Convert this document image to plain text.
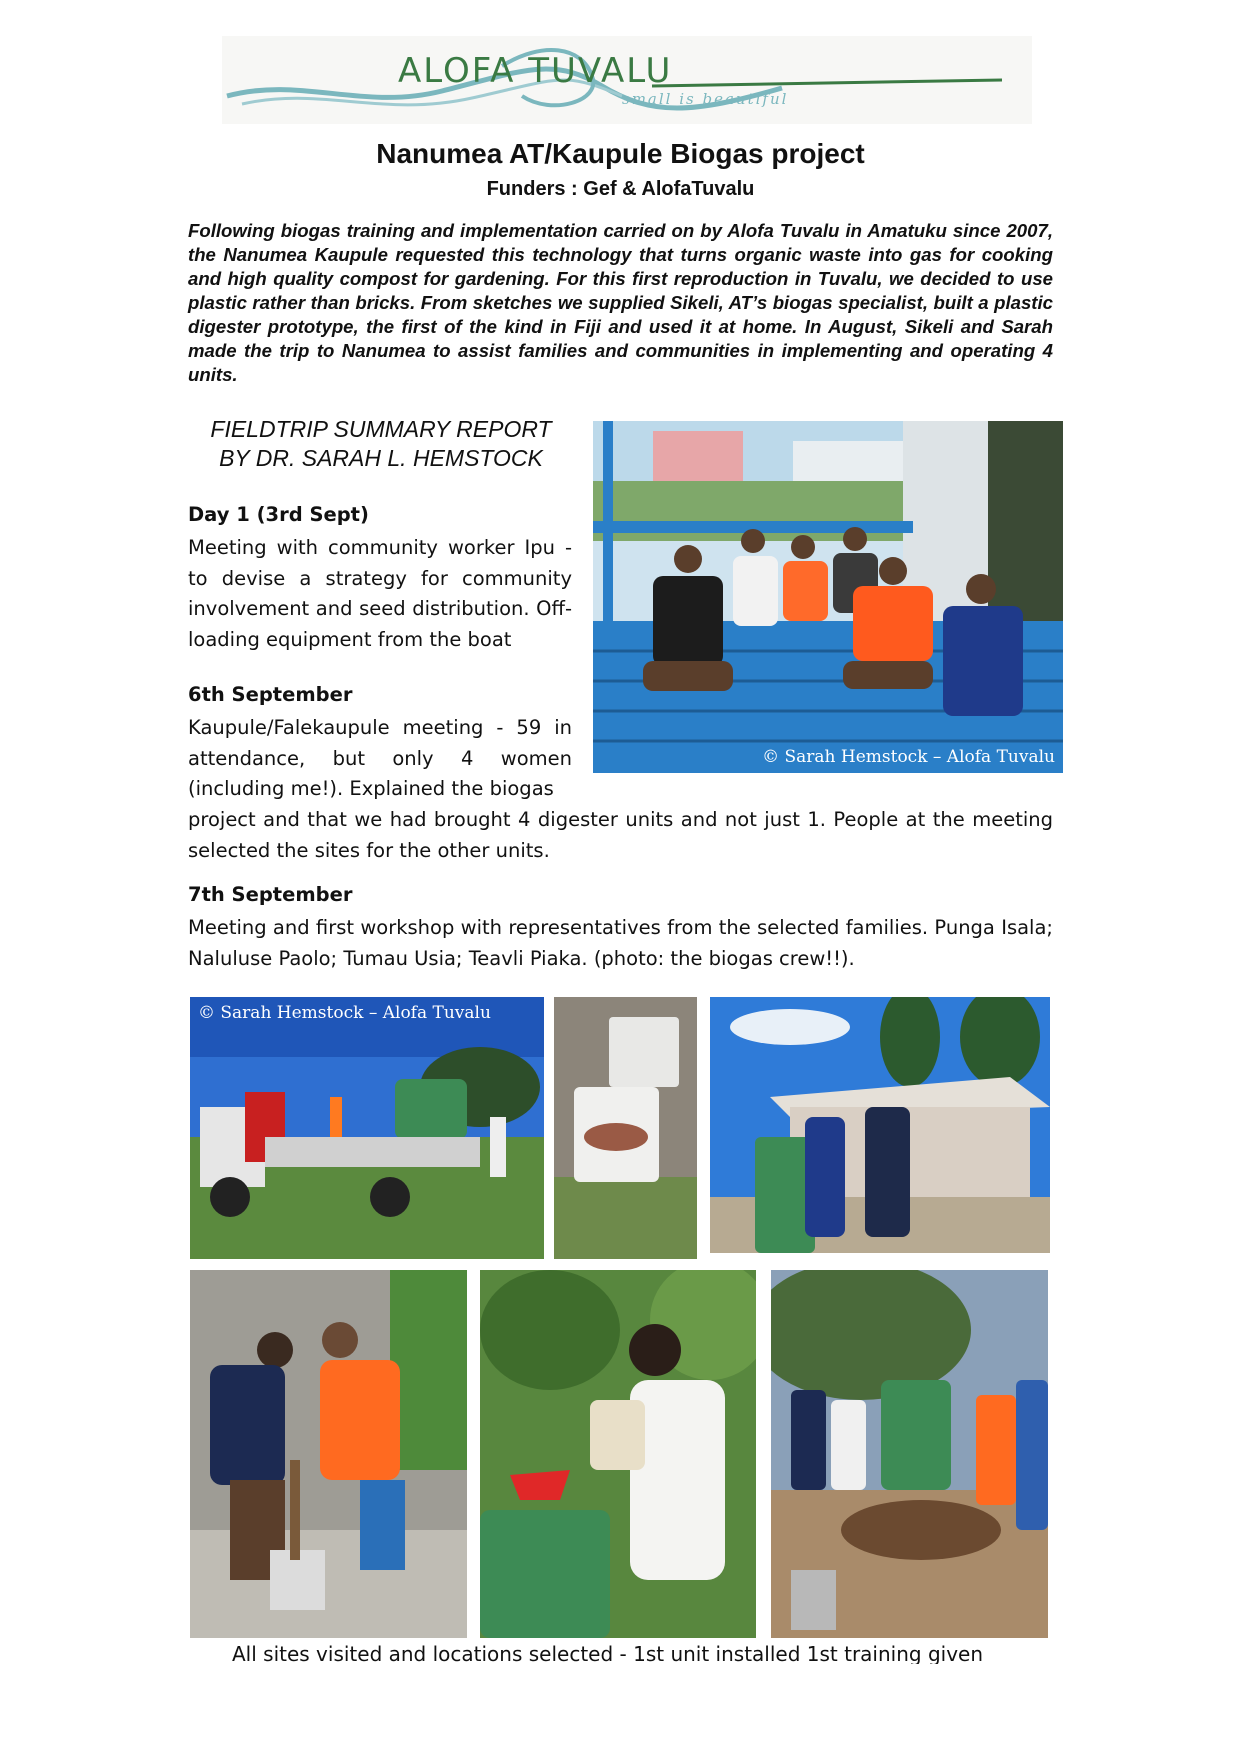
ALOFA TUVALU
small is beautiful
Nanumea AT/Kaupule Biogas project
Funders : Gef & AlofaTuvalu
Following biogas training and implementation carried on by Alofa Tuvalu in Amatuku since 2007, the Nanumea Kaupule requested this technology that turns organic waste into gas for cooking and high quality compost for gardening. For this first reproduction in Tuvalu, we decided to use plastic rather than bricks. From sketches we supplied Sikeli, AT’s biogas specialist, built a plastic digester prototype, the first of the kind in Fiji and used it at home. In August, Sikeli and Sarah made the trip to Nanumea to assist families and communities in implementing and operating 4 units.
FIELDTRIP SUMMARY REPORT
BY DR. SARAH L. HEMSTOCK
Day 1 (3rd Sept)
Meeting with community worker Ipu - to devise a strategy for community involvement and seed distribution. Off-loading equipment from the boat
6th September
Kaupule/Falekaupule meeting - 59 in attendance, but only 4 women (including me!). Explained the biogas
project and that we had brought 4 digester units and not just 1. People at the meeting selected the sites for the other units.
7th September
Meeting and first workshop with representatives from the selected families. Punga Isala; Naluluse Paolo; Tumau Usia; Teavli Piaka. (photo: the biogas crew!!).
© Sarah Hemstock – Alofa Tuvalu
© Sarah Hemstock – Alofa Tuvalu
All sites visited and locations selected - 1st unit installed 1st training given
